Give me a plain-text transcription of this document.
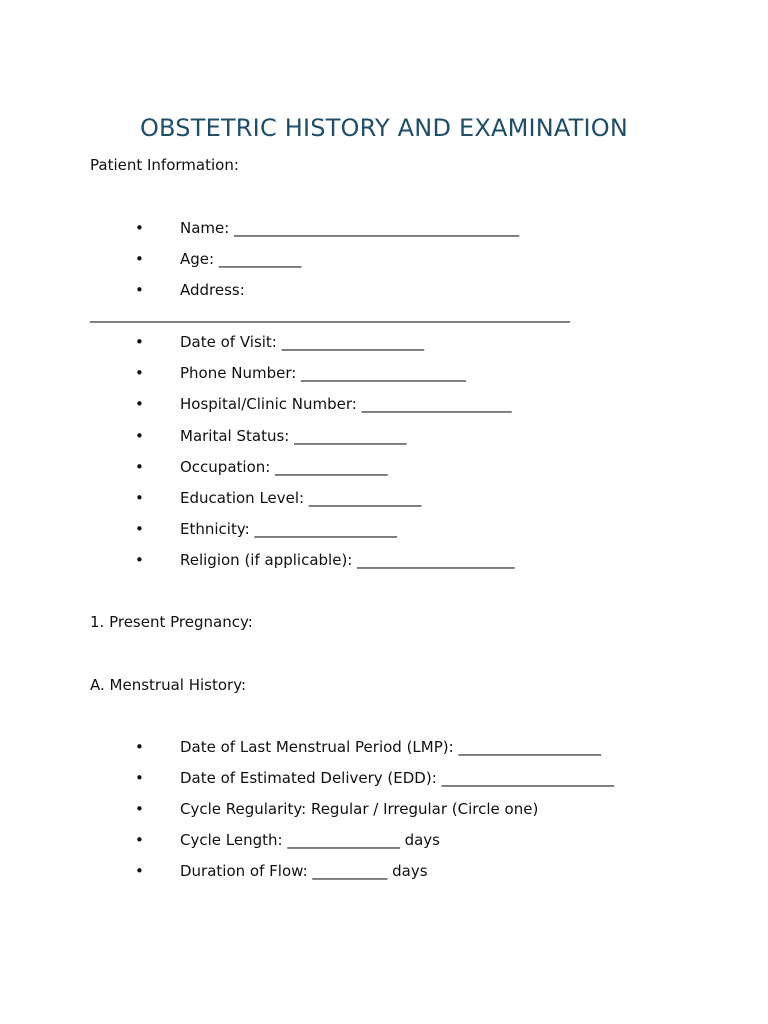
OBSTETRIC HISTORY AND EXAMINATION
Patient Information:

•

Name: ______________________________________

•

Age: ___________

•

Address:

________________________________________________________________

•

Date of Visit: ___________________

•

Phone Number: ______________________

•

Hospital/Clinic Number: ____________________

•

Marital Status: _______________

•

Occupation: _______________

•

Education Level: _______________

•

Ethnicity: ___________________

•

Religion (if applicable): _____________________

1. Present Pregnancy:
A. Menstrual History:

•

Date of Last Menstrual Period (LMP): ___________________

•

Date of Estimated Delivery (EDD): _______________________

•

Cycle Regularity: Regular / Irregular (Circle one)

•

Cycle Length: _______________ days

•

Duration of Flow: __________ days
